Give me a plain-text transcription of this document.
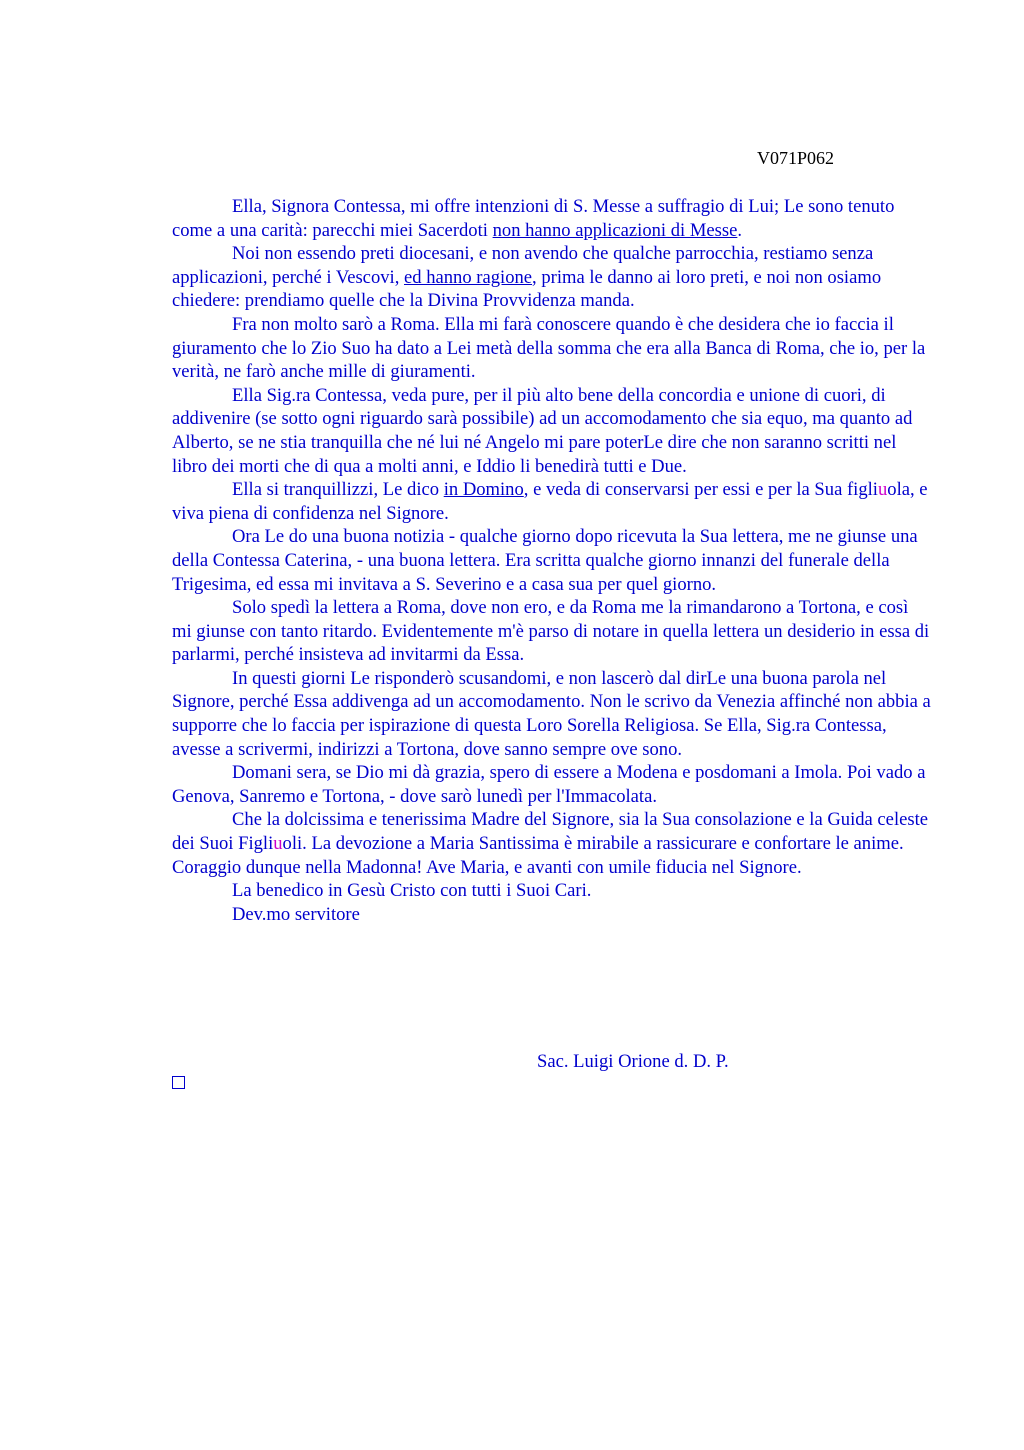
V071P062

Ella, Signora Contessa, mi offre intenzioni di S. Messe a suffragio di Lui; Le sono tenuto come a una carità: parecchi miei Sacerdoti non hanno applicazioni di Messe.

Noi non essendo preti diocesani, e non avendo che qualche parrocchia, restiamo senza applicazioni, perché i Vescovi, ed hanno ragione, prima le danno ai loro preti, e noi non osiamo chiedere: prendiamo quelle che la Divina Provvidenza manda.

Fra non molto sarò a Roma. Ella mi farà conoscere quando è che desidera che io faccia il giuramento che lo Zio Suo ha dato a Lei metà della somma che era alla Banca di Roma, che io, per la verità, ne farò anche mille di giuramenti.

Ella Sig.ra Contessa, veda pure, per il più alto bene della concordia e unione di cuori, di addivenire (se sotto ogni riguardo sarà possibile) ad un accomodamento che sia equo, ma quanto ad Alberto, se ne stia tranquilla che né lui né Angelo mi pare poterLe dire che non saranno scritti nel libro dei morti che di qua a molti anni, e Iddio li benedirà tutti e Due.

Ella si tranquillizzi, Le dico in Domino, e veda di conservarsi per essi e per la Sua figliuola, e viva piena di confidenza nel Signore.

Ora Le do una buona notizia - qualche giorno dopo ricevuta la Sua lettera, me ne giunse una della Contessa Caterina, - una buona lettera. Era scritta qualche giorno innanzi del funerale della Trigesima, ed essa mi invitava a S. Severino e a casa sua per quel giorno.

Solo spedì la lettera a Roma, dove non ero, e da Roma me la rimandarono a Tortona, e così mi giunse con tanto ritardo. Evidentemente m'è parso di notare in quella lettera un desiderio in essa di parlarmi, perché insisteva ad invitarmi da Essa.

In questi giorni Le risponderò scusandomi, e non lascerò dal dirLe una buona parola nel Signore, perché Essa addivenga ad un accomodamento. Non le scrivo da Venezia affinché non abbia a supporre che lo faccia per ispirazione di questa Loro Sorella Religiosa. Se Ella, Sig.ra Contessa, avesse a scrivermi, indirizzi a Tortona, dove sanno sempre ove sono.

Domani sera, se Dio mi dà grazia, spero di essere a Modena e posdomani a Imola. Poi vado a Genova, Sanremo e Tortona, - dove sarò lunedì per l'Immacolata.

Che la dolcissima e tenerissima Madre del Signore, sia la Sua consolazione e la Guida celeste dei Suoi Figliuoli. La devozione a Maria Santissima è mirabile a rassicurare e confortare le anime. Coraggio dunque nella Madonna! Ave Maria, e avanti con umile fiducia nel Signore.

La benedico in Gesù Cristo con tutti i Suoi Cari.

Dev.mo servitore

Sac. Luigi Orione d. D. P.
